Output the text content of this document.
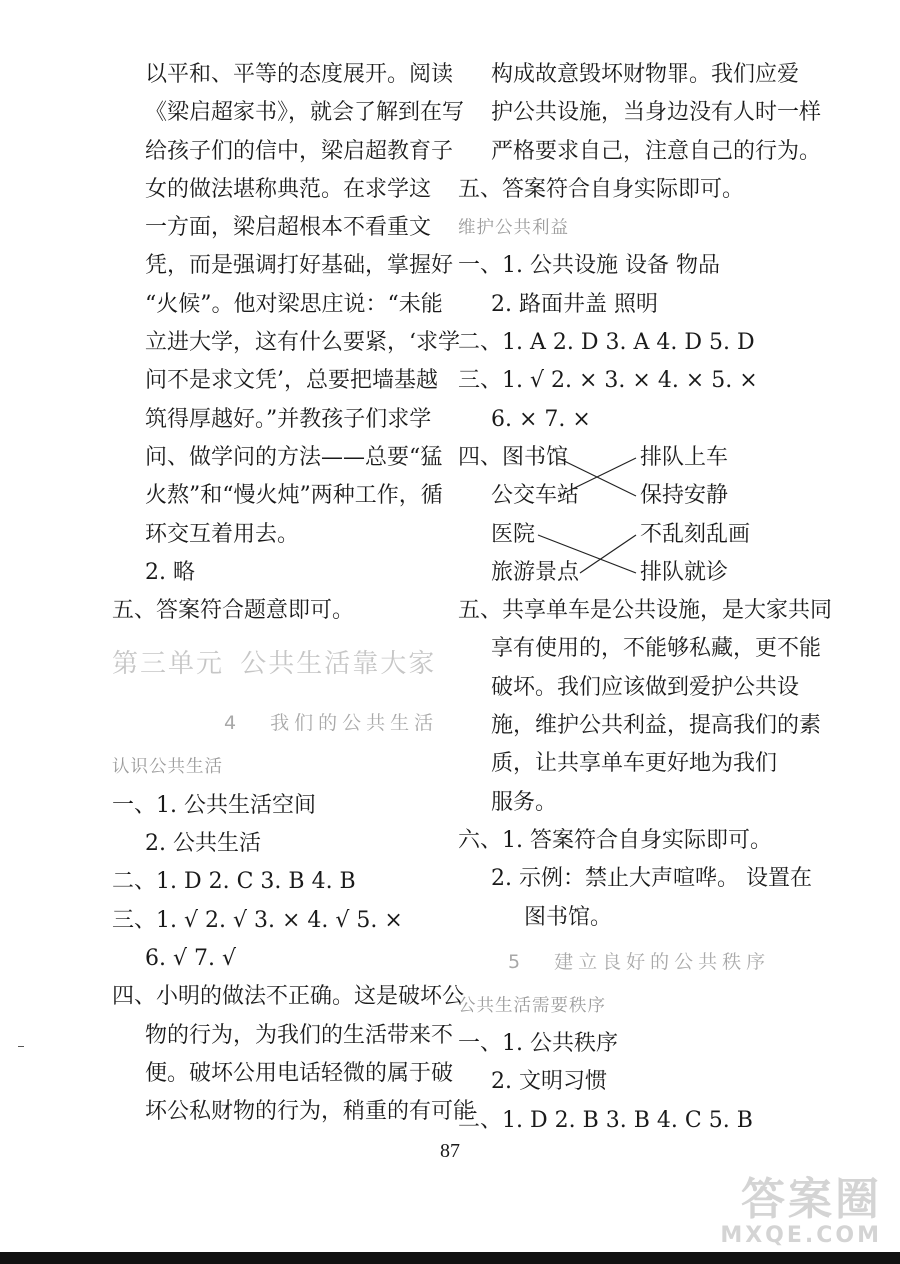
以平和、平等的态度展开。阅读
《梁启超家书》，就会了解到在写
给孩子们的信中，梁启超教育子
女的做法堪称典范。在求学这
一方面，梁启超根本不看重文
凭，而是强调打好基础，掌握好
“火候”。他对梁思庄说：“未能
立进大学，这有什么要紧，‘求学
问不是求文凭’，总要把墙基越
筑得厚越好。”并教孩子们求学
问、做学问的方法——总要“猛
火熬”和“慢火炖”两种工作，循
环交互着用去。
2. 略
五、答案符合题意即可。
第三单元 公共生活靠大家
4 我们的公共生活
认识公共生活
一、1. 公共生活空间
2. 公共生活
二、1. D 2. C 3. B 4. B
三、1. √ 2. √ 3. × 4. √ 5. ×
6. √ 7. √
四、小明的做法不正确。这是破坏公
物的行为，为我们的生活带来不
便。破坏公用电话轻微的属于破
坏公私财物的行为，稍重的有可能
构成故意毁坏财物罪。我们应爱
护公共设施，当身边没有人时一样
严格要求自己，注意自己的行为。
五、答案符合自身实际即可。
维护公共利益
一、1. 公共设施 设备 物品
2. 路面井盖 照明
二、1. A 2. D 3. A 4. D 5. D
三、1. √ 2. × 3. × 4. × 5. ×
6. × 7. ×
四、图书馆
公交车站
排队上车
保持安静
医院
旅游景点
不乱刻乱画
排队就诊
五、共享单车是公共设施，是大家共同
享有使用的，不能够私藏，更不能
破坏。我们应该做到爱护公共设
施，维护公共利益，提高我们的素
质，让共享单车更好地为我们
服务。
六、1. 答案符合自身实际即可。
2. 示例：禁止大声喧哗。 设置在
图书馆。
5 建立良好的公共秩序
公共生活需要秩序
一、1. 公共秩序
2. 文明习惯
二、1. D 2. B 3. B 4. C 5. B
87
答案圈
MXQE.COM
